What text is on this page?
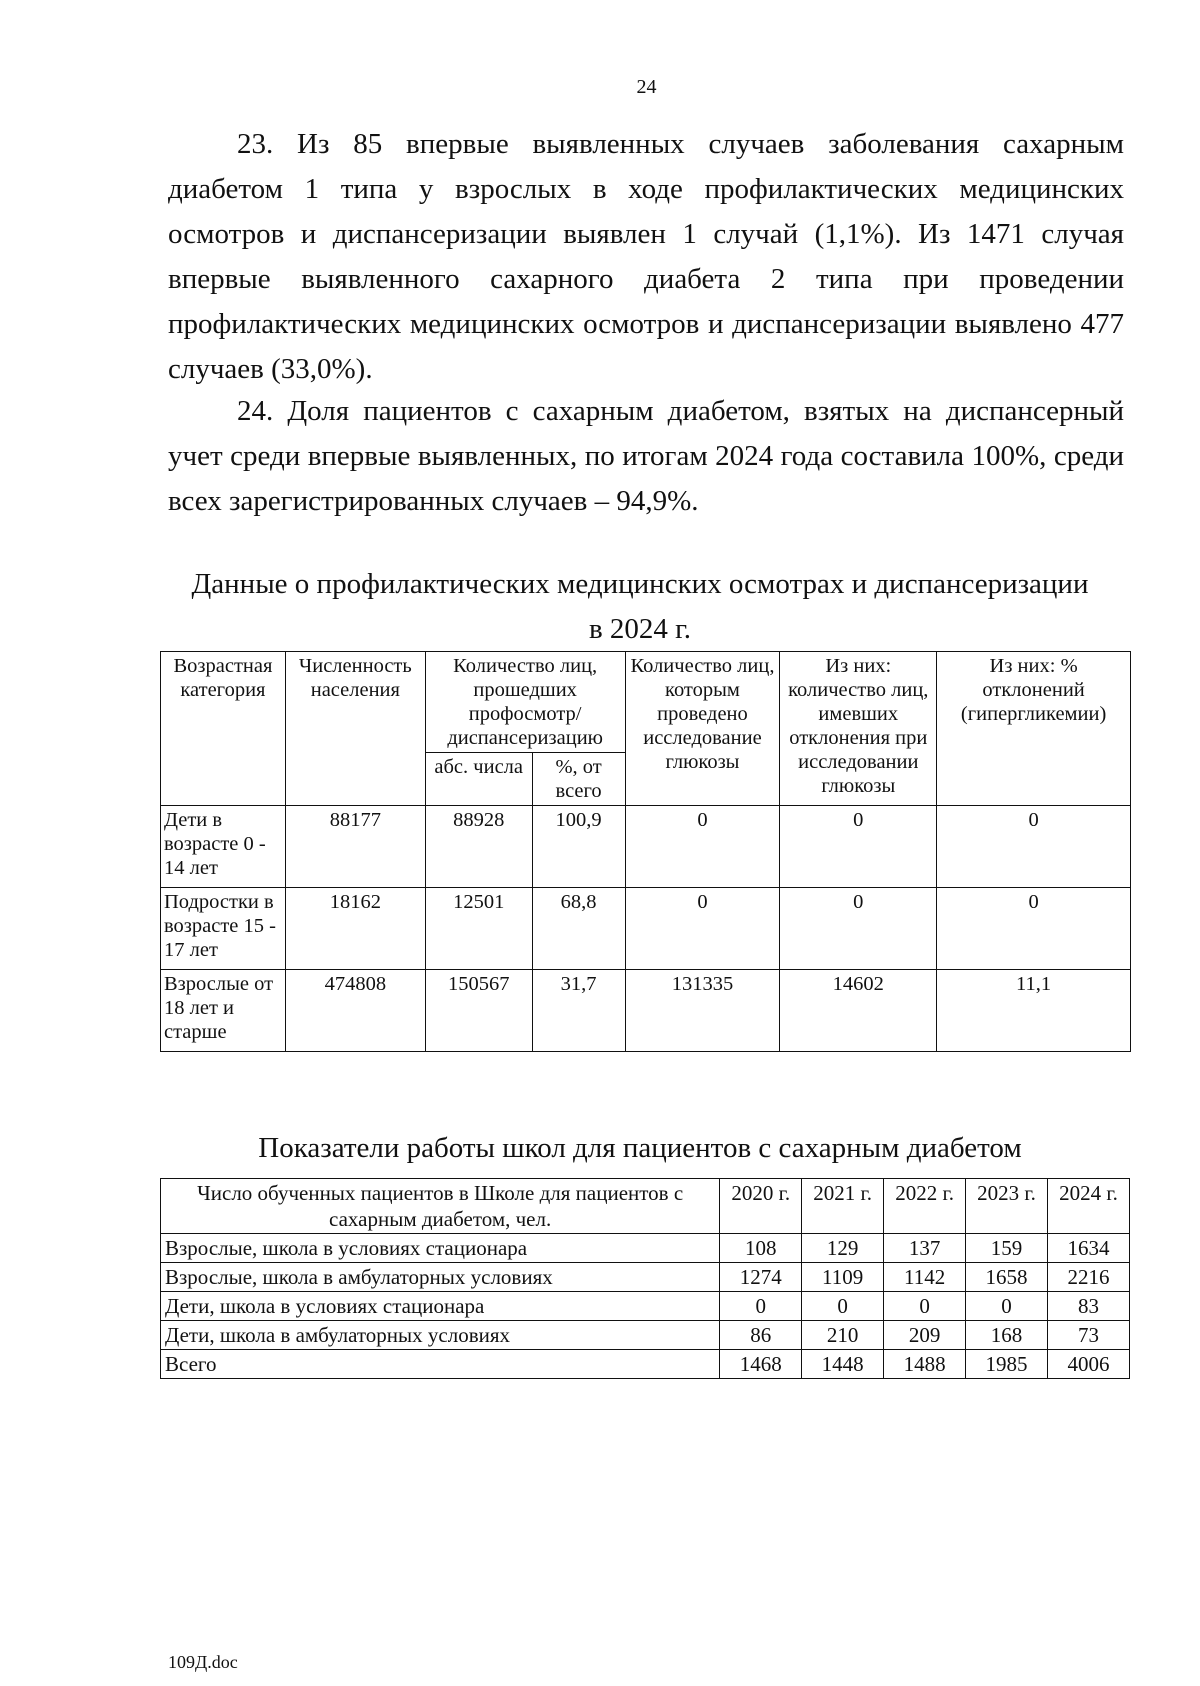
24

23. Из 85 впервые выявленных случаев заболевания сахарным диабетом 1 типа у взрослых в ходе профилактических медицинских осмотров и диспансеризации выявлен 1 случай (1,1%). Из 1471 случая впервые выявленного сахарного диабета 2 типа при проведении профилактических медицинских осмотров и диспансеризации выявлено 477 случаев (33,0%).

24. Доля пациентов с сахарным диабетом, взятых на диспансерный учет среди впервые выявленных, по итогам 2024 года составила 100%, среди всех зарегистрированных случаев – 94,9%.

Данные о профилактических медицинских осмотрах и диспансеризации
в 2024 г.
Возрастная категория	Численность населения	Количество лиц, прошедших профосмотр/ диспансеризацию		Количество лиц, которым проведено исследование глюкозы	Из них: количество лиц, имевших отклонения при исследовании глюкозы	Из них: % отклонений (гипергликемии)
		абс. числа	%, от всего			
Дети в возрасте 0 - 14 лет	88177	88928	100,9	0	0	0
Подростки в возрасте 15 - 17 лет	18162	12501	68,8	0	0	0
Взрослые от 18 лет и старше	474808	150567	31,7	131335	14602	11,1
Показатели работы школ для пациентов с сахарным диабетом
Число обученных пациентов в Школе для пациентов с сахарным диабетом, чел.	2020 г.	2021 г.	2022 г.	2023 г.	2024 г.
Взрослые, школа в условиях стационара	108	129	137	159	1634
Взрослые, школа в амбулаторных условиях	1274	1109	1142	1658	2216
Дети, школа в условиях стационара	0	0	0	0	83
Дети, школа в амбулаторных условиях	86	210	209	168	73
Всего	1468	1448	1488	1985	4006
109Д.doc
